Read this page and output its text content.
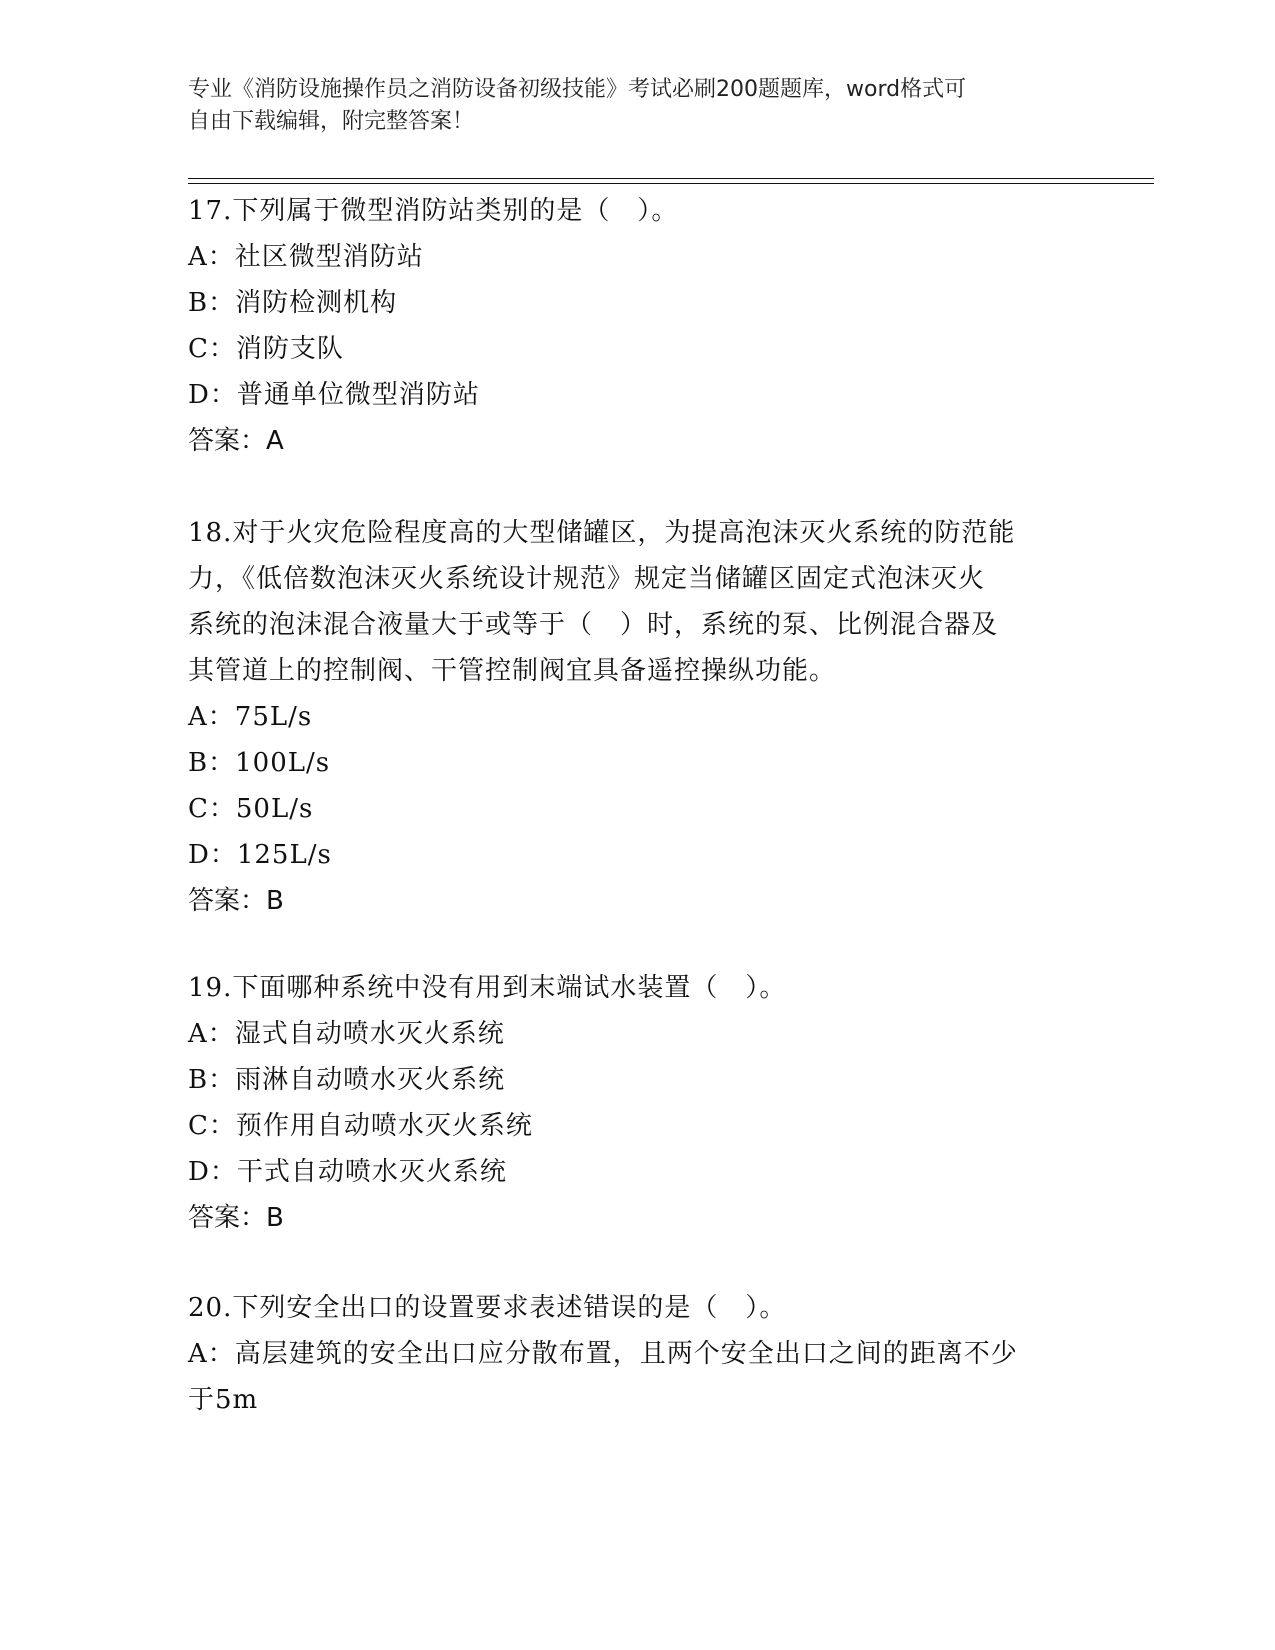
专业《消防设施操作员之消防设备初级技能》考试必刷200题题库，word格式可
自由下载编辑，附完整答案！
17.下列属于微型消防站类别的是（　）。
A：社区微型消防站
B：消防检测机构
C：消防支队
D：普通单位微型消防站
答案：A
18.对于火灾危险程度高的大型储罐区，为提高泡沫灭火系统的防范能
力，《低倍数泡沫灭火系统设计规范》规定当储罐区固定式泡沫灭火
系统的泡沫混合液量大于或等于（　）时，系统的泵、比例混合器及
其管道上的控制阀、干管控制阀宜具备遥控操纵功能。
A：75L/s
B：100L/s
C：50L/s
D：125L/s
答案：B
19.下面哪种系统中没有用到末端试水装置（　）。
A：湿式自动喷水灭火系统
B：雨淋自动喷水灭火系统
C：预作用自动喷水灭火系统
D：干式自动喷水灭火系统
答案：B
20.下列安全出口的设置要求表述错误的是（　）。
A：高层建筑的安全出口应分散布置，且两个安全出口之间的距离不少
于5m
